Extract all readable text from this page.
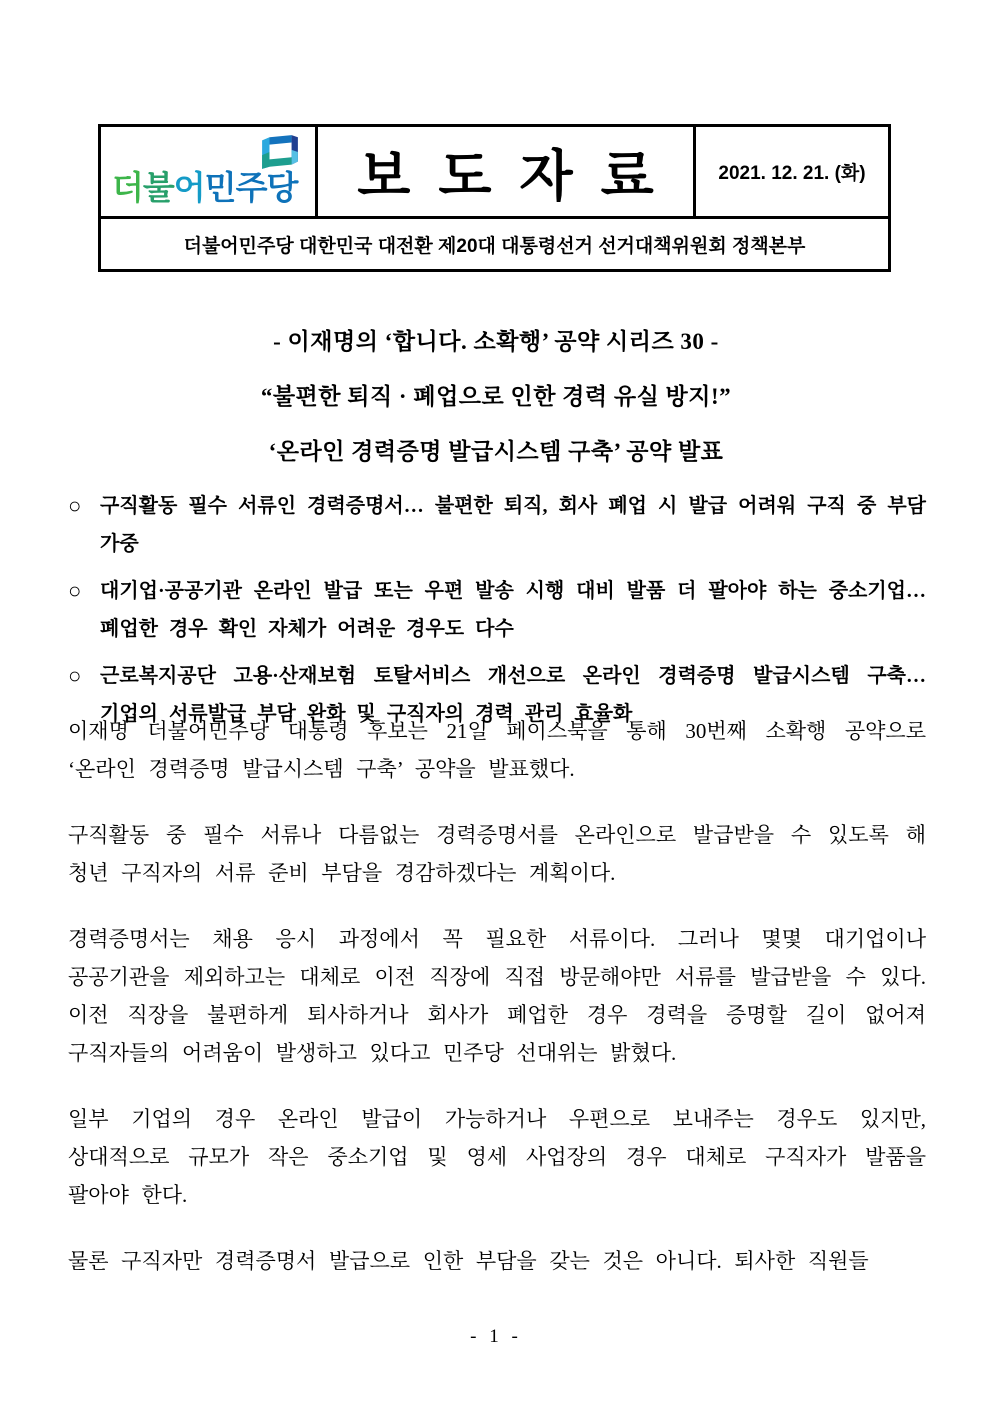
더불어민주당	보도자료 2021. 12. 21. (화)
더불어민주당 대한민국 대전환 제20대 대통령선거 선거대책위원회 정책본부
- 이재명의 ‘합니다. 소확행’ 공약 시리즈 30 -
“불편한 퇴직 · 폐업으로 인한 경력 유실 방지!”
‘온라인 경력증명 발급시스템 구축’ 공약 발표
○ 구직활동 필수 서류인 경력증명서… 불편한 퇴직, 회사 폐업 시 발급 어려워 구직 중 부담 가중
○ 대기업·공공기관 온라인 발급 또는 우편 발송 시행 대비 발품 더 팔아야 하는 중소기업… 폐업한 경우 확인 자체가 어려운 경우도 다수
○ 근로복지공단 고용·산재보험 토탈서비스 개선으로 온라인 경력증명 발급시스템 구축… 기업의 서류발급 부담 완화 및 구직자의 경력 관리 효율화

이재명 더불어민주당 대통령 후보는 21일 페이스북을 통해 30번째 소확행 공약으로 ‘온라인 경력증명 발급시스템 구축’ 공약을 발표했다.

구직활동 중 필수 서류나 다름없는 경력증명서를 온라인으로 발급받을 수 있도록 해 청년 구직자의 서류 준비 부담을 경감하겠다는 계획이다.

경력증명서는 채용 응시 과정에서 꼭 필요한 서류이다. 그러나 몇몇 대기업이나 공공기관을 제외하고는 대체로 이전 직장에 직접 방문해야만 서류를 발급받을 수 있다. 이전 직장을 불편하게 퇴사하거나 회사가 폐업한 경우 경력을 증명할 길이 없어져 구직자들의 어려움이 발생하고 있다고 민주당 선대위는 밝혔다.

일부 기업의 경우 온라인 발급이 가능하거나 우편으로 보내주는 경우도 있지만, 상대적으로 규모가 작은 중소기업 및 영세 사업장의 경우 대체로 구직자가 발품을 팔아야 한다.

물론 구직자만 경력증명서 발급으로 인한 부담을 갖는 것은 아니다. 퇴사한 직원들

- 1 -
